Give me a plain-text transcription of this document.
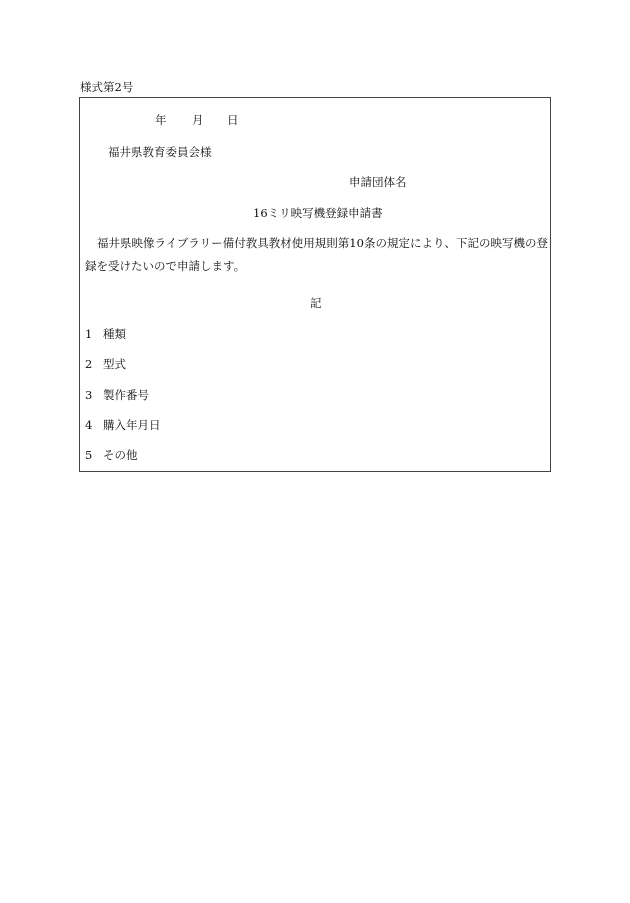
様式第2号
年 月 日
福井県教育委員会様
申請団体名
16ミリ映写機登録申請書
福井県映像ライブラリー備付教具教材使用規則第10条の規定により、下記の映写機の登
録を受けたいので申請します。
記
1 種類
2 型式
3 製作番号
4 購入年月日
5 その他
